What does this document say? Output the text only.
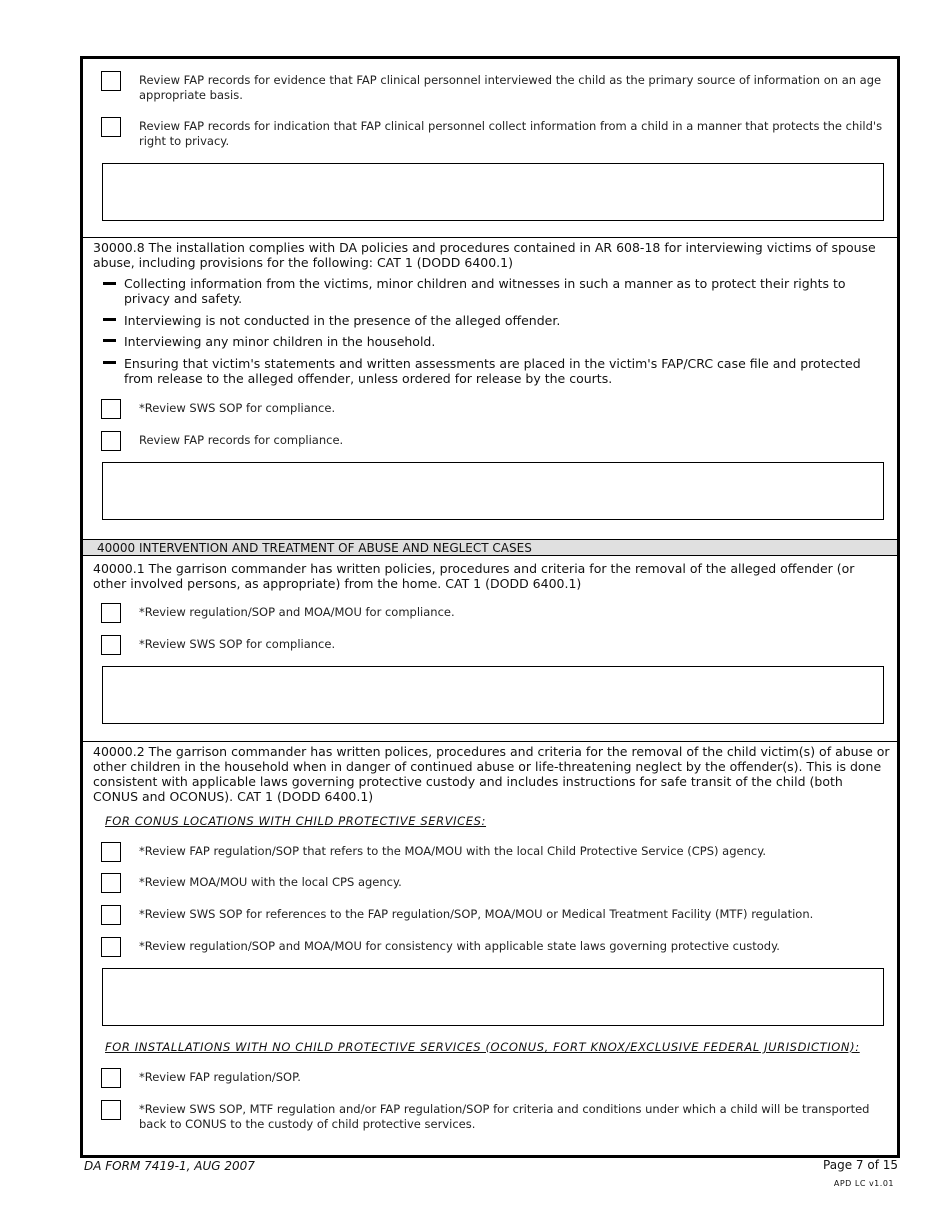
Review FAP records for evidence that FAP clinical personnel interviewed the child as the primary source of information on an age appropriate basis.
Review FAP records for indication that FAP clinical personnel collect information from a child in a manner that protects the child's right to privacy.
30000.8 The installation complies with DA policies and procedures contained in AR 608-18 for interviewing victims of spouse abuse, including provisions for the following: CAT 1 (DODD 6400.1)
Collecting information from the victims, minor children and witnesses in such a manner as to protect their rights to privacy and safety.
Interviewing is not conducted in the presence of the alleged offender.
Interviewing any minor children in the household.
Ensuring that victim's statements and written assessments are placed in the victim's FAP/CRC case file and protected from release to the alleged offender, unless ordered for release by the courts.
*Review SWS SOP for compliance.
Review FAP records for compliance.
40000 INTERVENTION AND TREATMENT OF ABUSE AND NEGLECT CASES
40000.1 The garrison commander has written policies, procedures and criteria for the removal of the alleged offender (or other involved persons, as appropriate) from the home. CAT 1 (DODD 6400.1)
*Review regulation/SOP and MOA/MOU for compliance.
*Review SWS SOP for compliance.
40000.2 The garrison commander has written polices, procedures and criteria for the removal of the child victim(s) of abuse or other children in the household when in danger of continued abuse or life-threatening neglect by the offender(s). This is done consistent with applicable laws governing protective custody and includes instructions for safe transit of the child (both CONUS and OCONUS). CAT 1 (DODD 6400.1)
FOR CONUS LOCATIONS WITH CHILD PROTECTIVE SERVICES:
*Review FAP regulation/SOP that refers to the MOA/MOU with the local Child Protective Service (CPS) agency.
*Review MOA/MOU with the local CPS agency.
*Review SWS SOP for references to the FAP regulation/SOP, MOA/MOU or Medical Treatment Facility (MTF) regulation.
*Review regulation/SOP and MOA/MOU for consistency with applicable state laws governing protective custody.
FOR INSTALLATIONS WITH NO CHILD PROTECTIVE SERVICES (OCONUS, FORT KNOX/EXCLUSIVE FEDERAL JURISDICTION):
*Review FAP regulation/SOP.
*Review SWS SOP, MTF regulation and/or FAP regulation/SOP for criteria and conditions under which a child will be transported back to CONUS to the custody of child protective services.
DA FORM 7419-1, AUG 2007	Page 7 of 15
APD LC v1.01
